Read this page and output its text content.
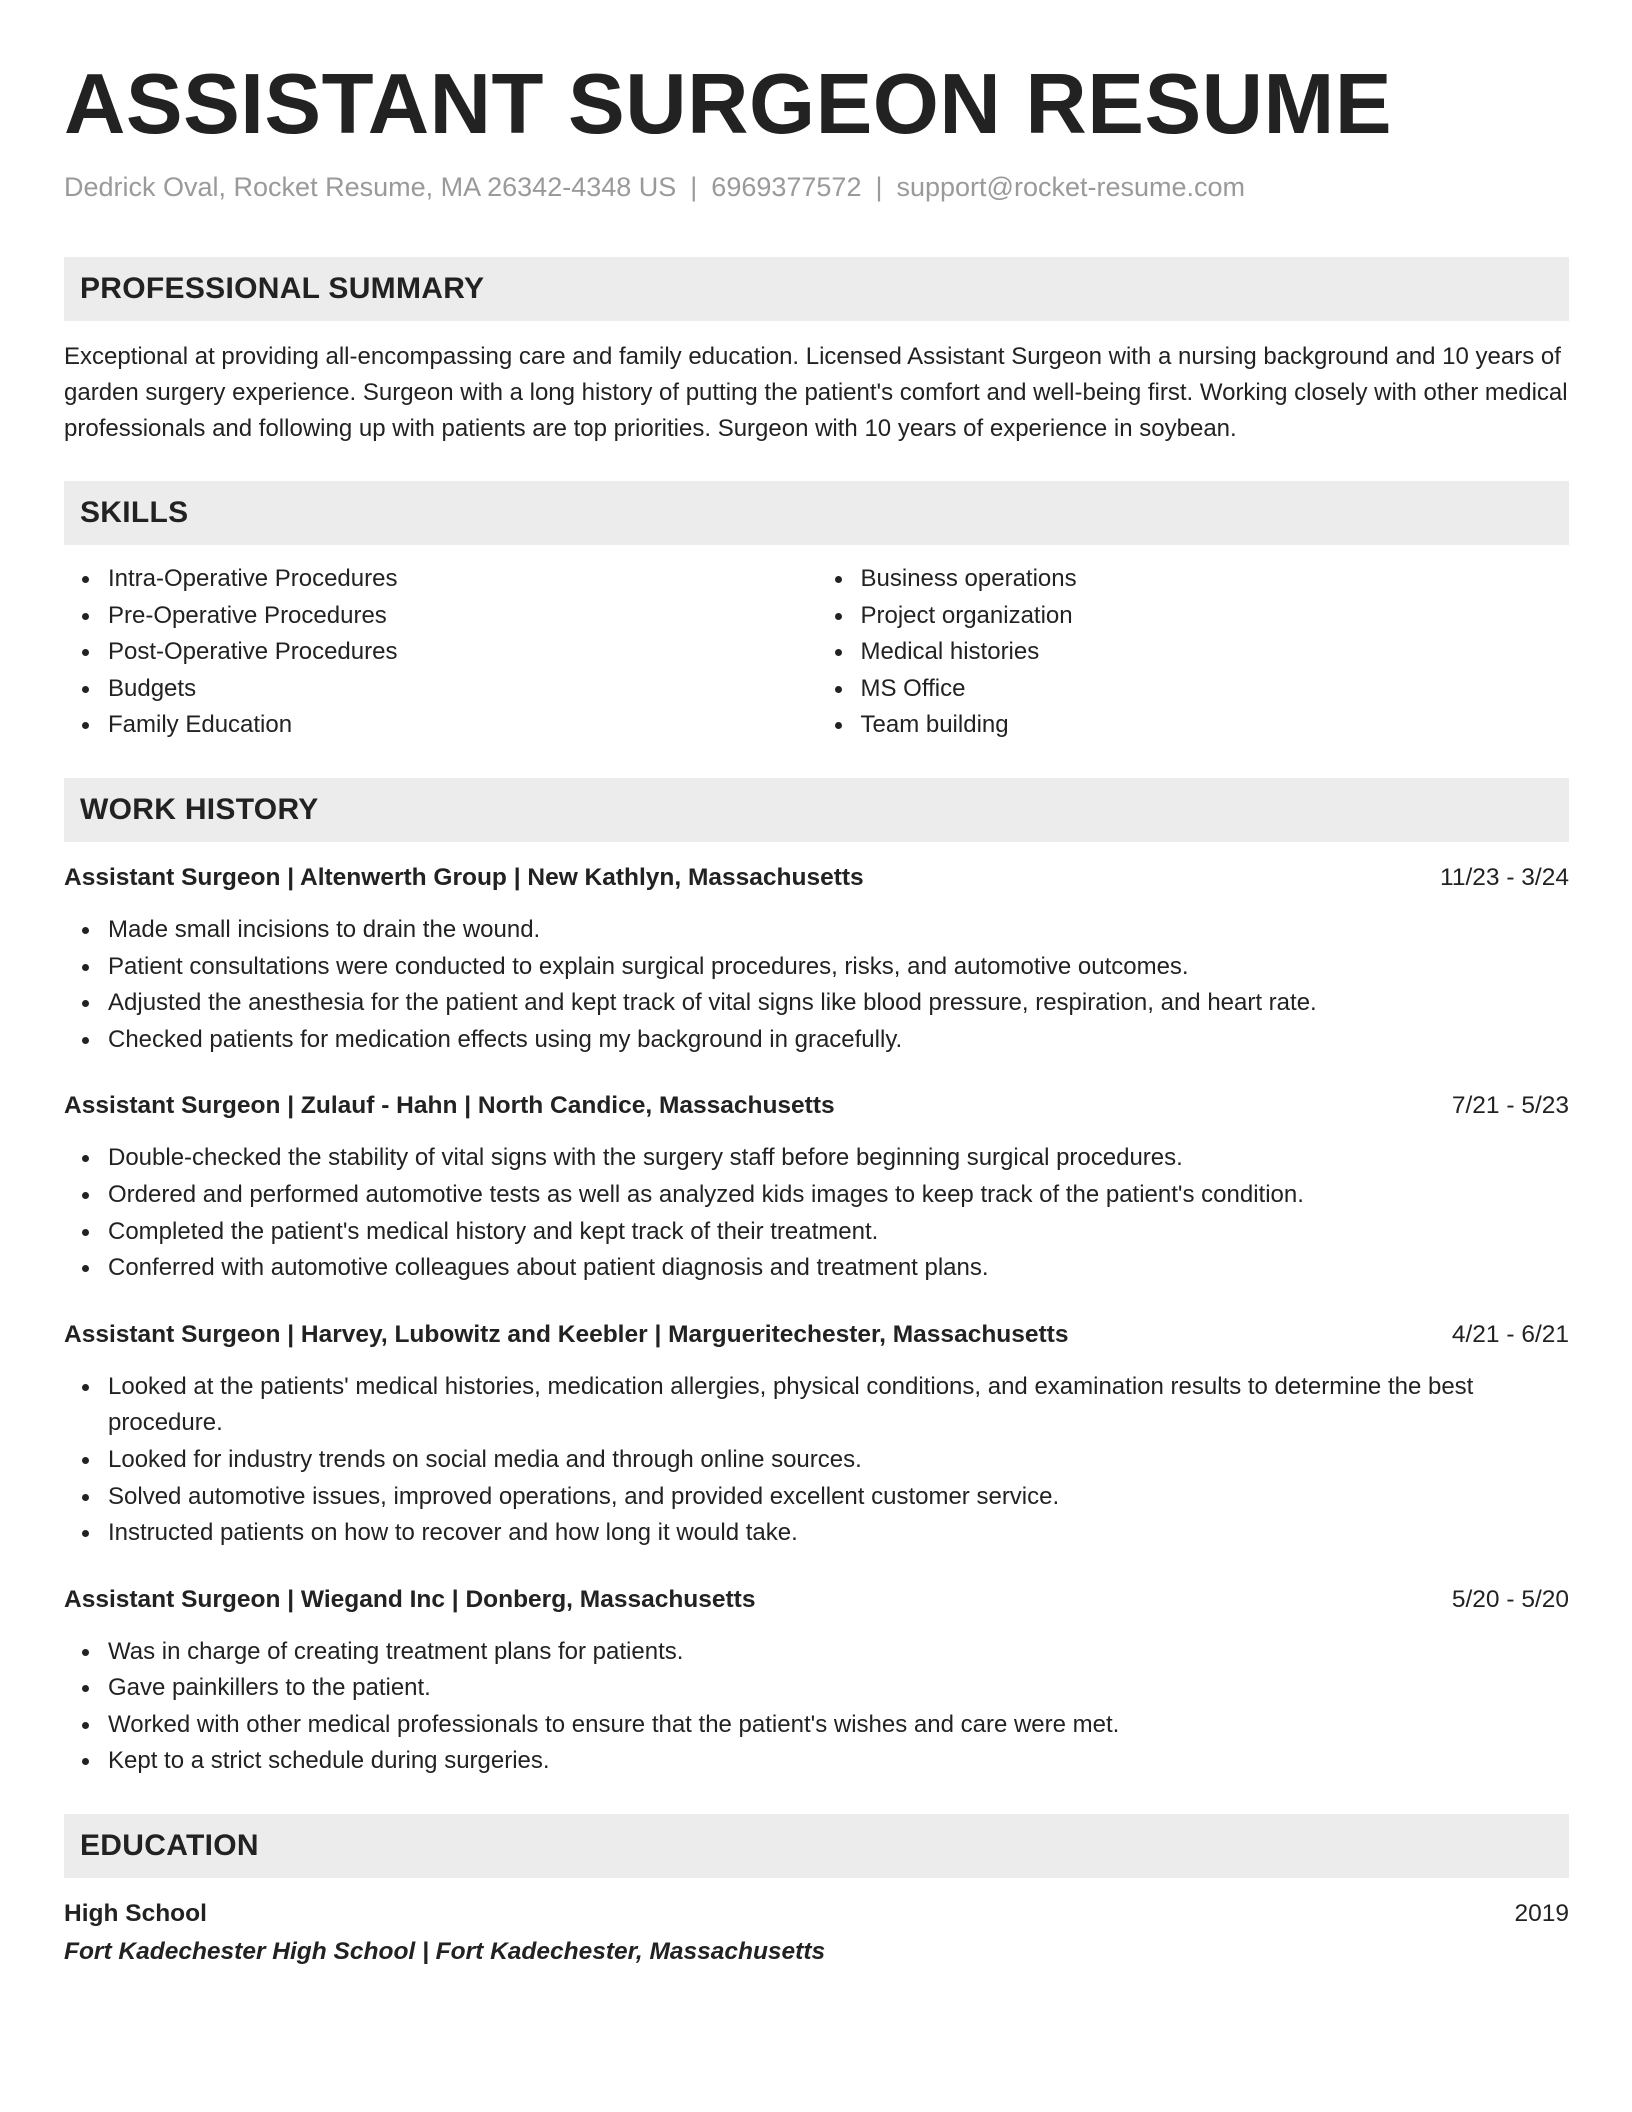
ASSISTANT SURGEON RESUME
Dedrick Oval, Rocket Resume, MA 26342-4348 US | 6969377572 | support@rocket-resume.com
PROFESSIONAL SUMMARY

Exceptional at providing all-encompassing care and family education. Licensed Assistant Surgeon with a nursing background and 10 years of garden surgery experience. Surgeon with a long history of putting the patient's comfort and well-being first. Working closely with other medical professionals and following up with patients are top priorities. Surgeon with 10 years of experience in soybean.

SKILLS
Intra-Operative Procedures
Pre-Operative Procedures
Post-Operative Procedures
Budgets
Family Education
Business operations
Project organization
Medical histories
MS Office
Team building
WORK HISTORY
Assistant Surgeon | Altenwerth Group | New Kathlyn, Massachusetts	11/23 - 3/24
Made small incisions to drain the wound.
Patient consultations were conducted to explain surgical procedures, risks, and automotive outcomes.
Adjusted the anesthesia for the patient and kept track of vital signs like blood pressure, respiration, and heart rate.
Checked patients for medication effects using my background in gracefully.
Assistant Surgeon | Zulauf - Hahn | North Candice, Massachusetts	7/21 - 5/23
Double-checked the stability of vital signs with the surgery staff before beginning surgical procedures.
Ordered and performed automotive tests as well as analyzed kids images to keep track of the patient's condition.
Completed the patient's medical history and kept track of their treatment.
Conferred with automotive colleagues about patient diagnosis and treatment plans.
Assistant Surgeon | Harvey, Lubowitz and Keebler | Margueritechester, Massachusetts	4/21 - 6/21
Looked at the patients' medical histories, medication allergies, physical conditions, and examination results to determine the best procedure.
Looked for industry trends on social media and through online sources.
Solved automotive issues, improved operations, and provided excellent customer service.
Instructed patients on how to recover and how long it would take.
Assistant Surgeon | Wiegand Inc | Donberg, Massachusetts	5/20 - 5/20
Was in charge of creating treatment plans for patients.
Gave painkillers to the patient.
Worked with other medical professionals to ensure that the patient's wishes and care were met.
Kept to a strict schedule during surgeries.
EDUCATION
High School	2019
Fort Kadechester High School | Fort Kadechester, Massachusetts
